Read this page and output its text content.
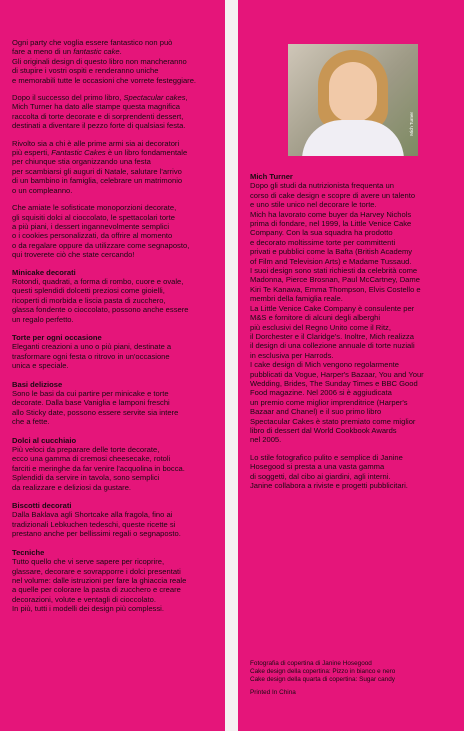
Ogni party che voglia essere fantastico non può
fare a meno di un fantastic cake.
Gli originali design di questo libro non mancheranno
di stupire i vostri ospiti e renderanno uniche
e memorabili tutte le occasioni che vorrete festeggiare.

Dopo il successo del primo libro, Spectacular cakes,
Mich Turner ha dato alle stampe questa magnifica
raccolta di torte decorate e di sorprendenti dessert,
destinati a diventare il pezzo forte di qualsiasi festa.

Rivolto sia a chi è alle prime armi sia ai decoratori
più esperti, Fantastic Cakes è un libro fondamentale
per chiunque stia organizzando una festa
per scambiarsi gli auguri di Natale, salutare l'arrivo
di un bambino in famiglia, celebrare un matrimonio
o un compleanno.

Che amiate le sofisticate monoporzioni decorate,
gli squisiti dolci al cioccolato, le spettacolari torte
a più piani, i dessert ingannevolmente semplici
o i cookies personalizzati, da offrire al momento
o da regalare oppure da utilizzare come segnaposto,
qui troverete ciò che state cercando!

Minicake decorati

Rotondi, quadrati, a forma di rombo, cuore e ovale,
questi splendidi dolcetti preziosi come gioielli,
ricoperti di morbida e liscia pasta di zucchero,
glassa fondente o cioccolato, possono anche essere
un regalo perfetto.

Torte per ogni occasione

Eleganti creazioni a uno o più piani, destinate a
trasformare ogni festa o ritrovo in un'occasione
unica e speciale.

Basi deliziose

Sono le basi da cui partire per minicake e torte
decorate. Dalla base Vaniglia e lamponi freschi
allo Sticky date, possono essere servite sia intere
che a fette.

Dolci al cucchiaio

Più veloci da preparare delle torte decorate,
ecco una gamma di cremosi cheesecake, rotoli
farciti e meringhe da far venire l'acquolina in bocca.
Splendidi da servire in tavola, sono semplici
da realizzare e deliziosi da gustare.

Biscotti decorati

Dalla Baklava agli Shortcake alla fragola, fino ai
tradizionali Lebkuchen tedeschi, queste ricette si
prestano anche per bellissimi regali o segnaposto.

Tecniche

Tutto quello che vi serve sapere per ricoprire,
glassare, decorare e sovrapporre i dolci presentati
nel volume: dalle istruzioni per fare la ghiaccia reale
a quelle per colorare la pasta di zucchero e creare
decorazioni, volute e ventagli di cioccolato.
In più, tutti i modelli dei design più complessi.

Mich Turner

Mich Turner

Dopo gli studi da nutrizionista frequenta un
corso di cake design e scopre di avere un talento
e uno stile unico nel decorare le torte.
Mich ha lavorato come buyer da Harvey Nichols
prima di fondare, nel 1999, la Little Venice Cake
Company. Con la sua squadra ha prodotto
e decorato moltissime torte per committenti
privati e pubblici come la Bafta (British Academy
of Film and Television Arts) e Madame Tussaud.
I suoi design sono stati richiesti da celebrità come
Madonna, Pierce Brosnan, Paul McCartney, Dame
Kiri Te Kanawa, Emma Thompson, Elvis Costello e
membri della famiglia reale.
La Little Venice Cake Company è consulente per
M&S e fornitore di alcuni degli alberghi
più esclusivi del Regno Unito come il Ritz,
il Dorchester e il Claridge's. Inoltre, Mich realizza
il design di una collezione annuale di torte nuziali
in esclusiva per Harrods.
I cake design di Mich vengono regolarmente
pubblicati da Vogue, Harper's Bazaar, You and Your
Wedding, Brides, The Sunday Times e BBC Good
Food magazine. Nel 2006 si è aggiudicata
un premio come miglior imprenditrice (Harper's
Bazaar and Chanel) e il suo primo libro
Spectacular Cakes è stato premiato come miglior
libro di dessert dal World Cookbook Awards
nel 2005.

Lo stile fotografico pulito e semplice di Janine
Hosegood si presta a una vasta gamma
di soggetti, dal cibo ai giardini, agli interni.
Janine collabora a riviste e progetti pubblicitari.

Fotografia di copertina di Janine Hosegood
Cake design della copertina: Pizzo in bianco e nero
Cake design della quarta di copertina: Sugar candy

Printed In China
